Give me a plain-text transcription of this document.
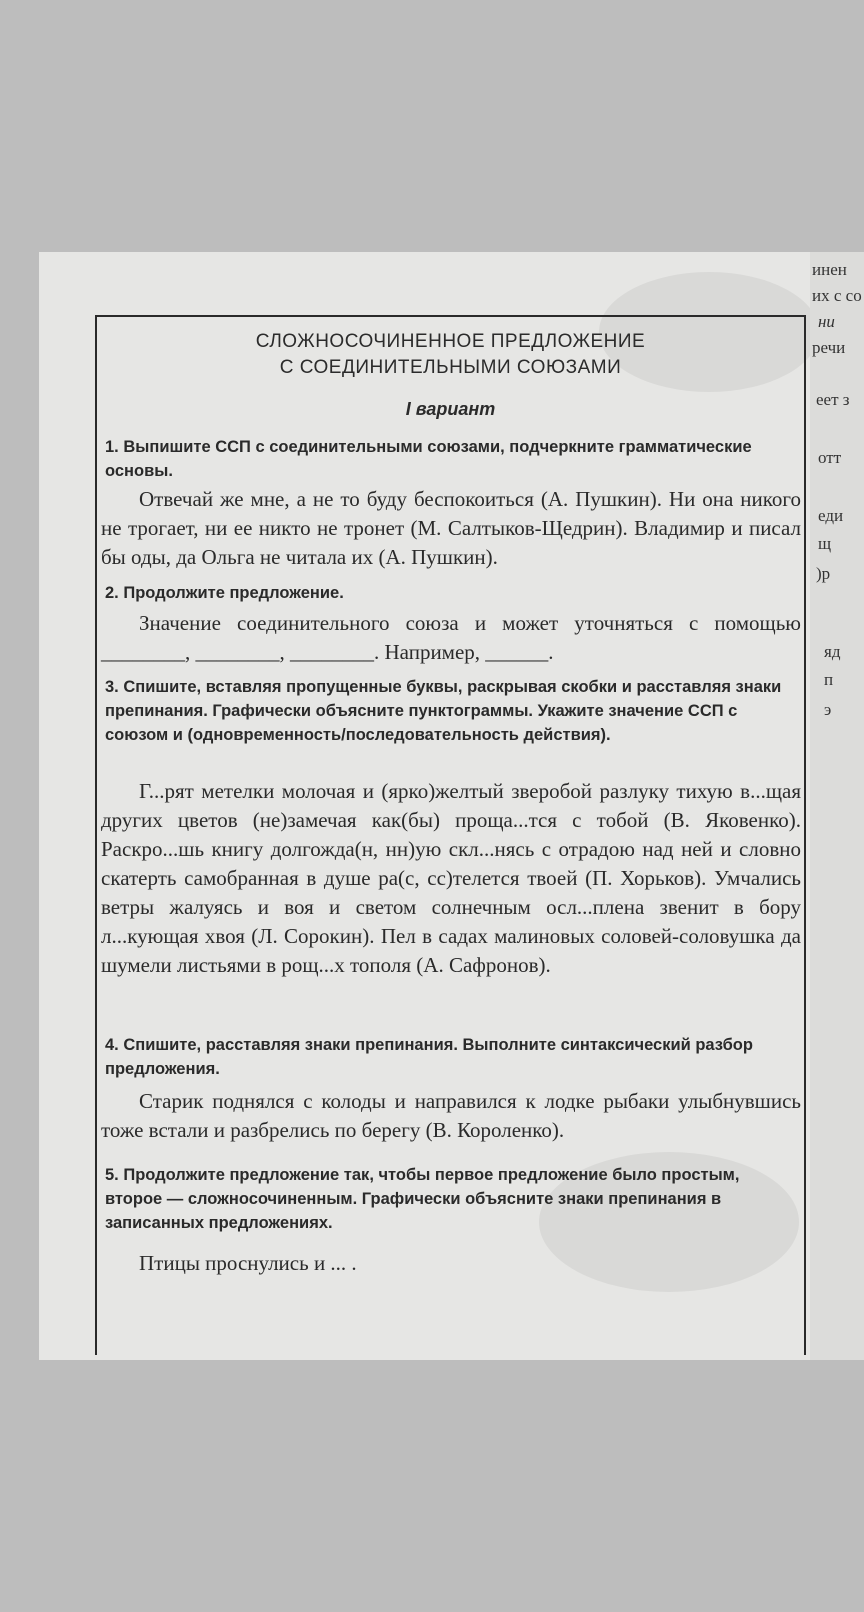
инен
их с со
ни
речи
еет з
отт
еди
щ
)р
яд
п
э
СЛОЖНОСОЧИНЕННОЕ ПРЕДЛОЖЕНИЕ
С СОЕДИНИТЕЛЬНЫМИ СОЮЗАМИ
I вариант
1. Выпишите ССП с соединительными союзами, подчеркните грамматические основы.
Отвечай же мне, а не то буду беспокоиться (А. Пушкин). Ни она никого не трогает, ни ее никто не тронет (М. Салтыков-Щедрин). Владимир и писал бы оды, да Ольга не читала их (А. Пушкин).
2. Продолжите предложение.
Значение соединительного союза и может уточняться с помощью ________, ________, ________. Например, ______.
3. Спишите, вставляя пропущенные буквы, раскрывая скобки и расставляя знаки препинания. Графически объясните пунктограммы. Укажите значение ССП с союзом и (одновременность/последовательность действия).
Г...рят метелки молочая и (ярко)желтый зверобой разлуку тихую в...щая других цветов (не)замечая как(бы) проща...тся с тобой (В. Яковенко). Раскро...шь книгу долгожда(н, нн)ую скл...нясь с отрадою над ней и словно скатерть самобранная в душе ра(с, сс)телется твоей (П. Хорьков). Умчались ветры жалуясь и воя и светом солнечным осл...плена звенит в бору л...кующая хвоя (Л. Сорокин). Пел в садах малиновых соловей-соловушка да шумели листьями в рощ...х тополя (А. Сафронов).
4. Спишите, расставляя знаки препинания. Выполните синтаксический разбор предложения.
Старик поднялся с колоды и направился к лодке рыбаки улыбнувшись тоже встали и разбрелись по берегу (В. Короленко).
5. Продолжите предложение так, чтобы первое предложение было простым, второе — сложносочиненным. Графически объясните знаки препинания в записанных предложениях.
Птицы проснулись и ... .
